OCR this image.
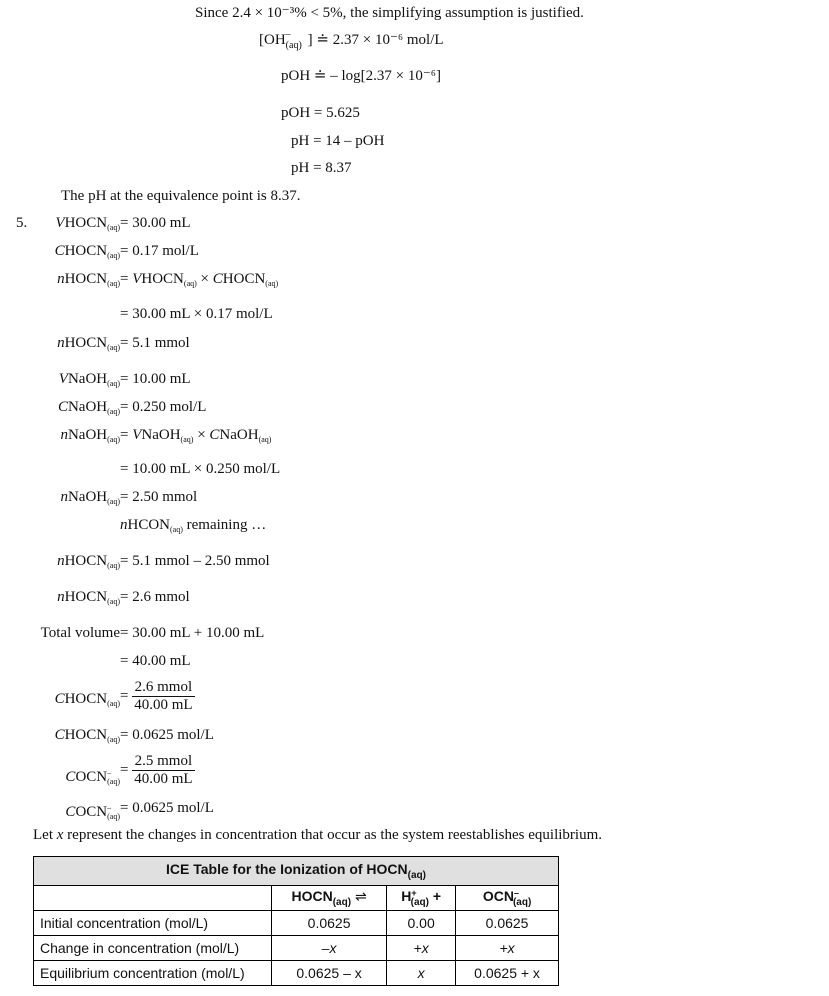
Since 2.4 × 10⁻³% < 5%, the simplifying assumption is justified.
[OH –
(aq) ] ≐ 2.37 × 10⁻⁶ mol/L
pOH ≐ – log[2.37 × 10⁻⁶]
pOH = 5.625
pH = 14 – pOH
pH = 8.37
The pH at the equivalence point is 8.37.
5. $VHOCN_{(aq)} = 30.00$ mL
$CHOCN_{(aq)} = 0.17$ mol/L
nHOCN$_{(aq)}$ = $VHOCN_{(aq)}$ × $CHOCN_{(aq)}$
= 30.00 mL × 0.17 mol/L
nHOCN$_{(aq)}$ = 5.1 mmol
VNaOH$_{(aq)}$ = 10.00 mL
CNaOH$_{(aq)}$ = 0.250 mol/L
nNaOH$_{(aq)}$ = VNaOH$_{(aq)}$ × CNaOH$_{(aq)}$
= 10.00 mL × 0.250 mol/L
nNaOH$_{(aq)}$ = 2.50 mmol
nHCON$_{(aq)}$ remaining …
nHOCN$_{(aq)}$ = 5.1 mmol – 2.50 mmol
nHOCN$_{(aq)}$ = 2.6 mmol
Total volume = 30.00 mL + 10.00 mL
= 40.00 mL
$CHOCN_{(aq)} = \frac{\text{2.6 mmol}}{40.00 mL}$
$CHOCN_{(aq)} = 0.0625$ mol/L
$COCN^-_{(aq)}$
= $\frac{\text{2.5 mmol}}{40.00 mL}$
$COCN^-_{(aq)}$
= 0.0625 mol/L
Let x represent the changes in concentration that occur as the system reestablishes equilibrium.
ICE Table for the Ionization of $HOCN_{(aq)}$
	$HOCN_{(aq)}$ ⇌	$H^+_{(aq)}$ +	$OCN^-_{(aq)}$
Initial concentration (mol/L)	0.0625	0.00	0.0625
Change in concentration (mol/L)	–x	+x	+x
Equilibrium concentration (mol/L)	0.0625 – x	x	0.0625 + x
